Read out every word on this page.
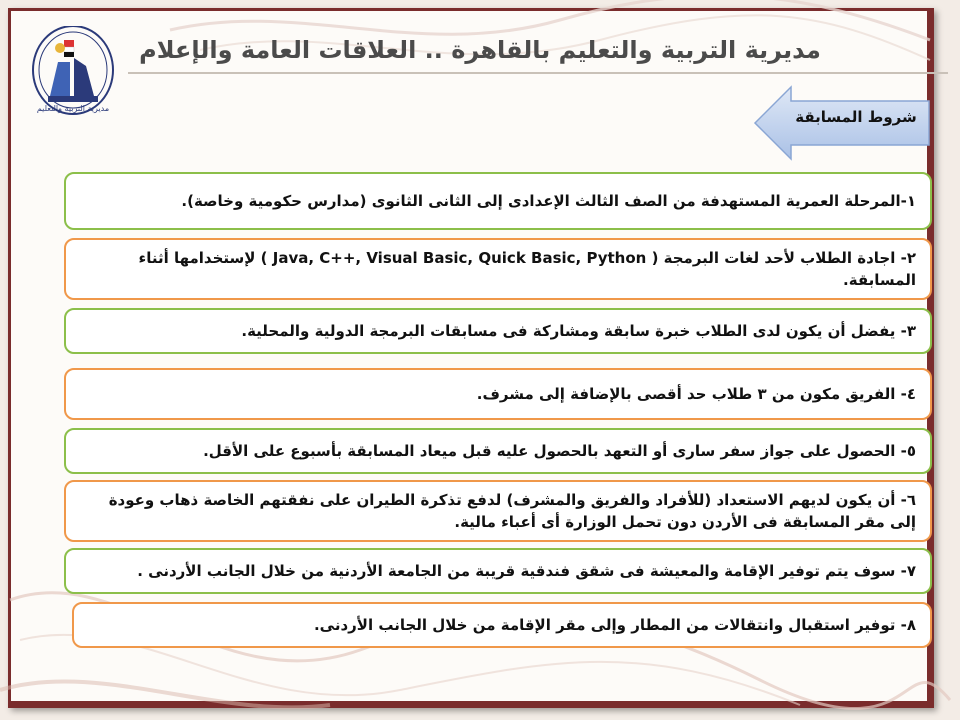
مديرية التربية والتعليم
مديرية التربية والتعليم بالقاهرة .. العلاقات العامة والإعلام
شروط المسابقة
١-المرحلة العمرية المستهدفة من الصف الثالث الإعدادى إلى الثانى الثانوى (مدارس حكومية وخاصة).
٢- اجادة الطلاب لأحد لغات البرمجة ( Java, C++, Visual Basic, Quick Basic, Python ) لإستخدامها أثناء المسابقة.
٣- يفضل أن يكون لدى الطلاب خبرة سابقة ومشاركة فى مسابقات البرمجة الدولية والمحلية.
٤- الفريق مكون من ٣ طلاب حد أقصى بالإضافة إلى مشرف.
٥- الحصول على جواز سفر سارى أو التعهد بالحصول عليه قبل ميعاد المسابقة بأسبوع على الأقل.
٦- أن يكون لديهم الاستعداد (للأفراد والفريق والمشرف) لدفع تذكرة الطيران على نفقتهم الخاصة ذهاب وعودة إلى مقر المسابقة فى الأردن دون تحمل الوزارة أى أعباء مالية.
٧- سوف يتم توفير الإقامة والمعيشة فى شقق فندقية قريبة من الجامعة الأردنية من خلال الجانب الأردنى .
٨- توفير استقبال وانتقالات من المطار وإلى مقر الإقامة من خلال الجانب الأردنى.
